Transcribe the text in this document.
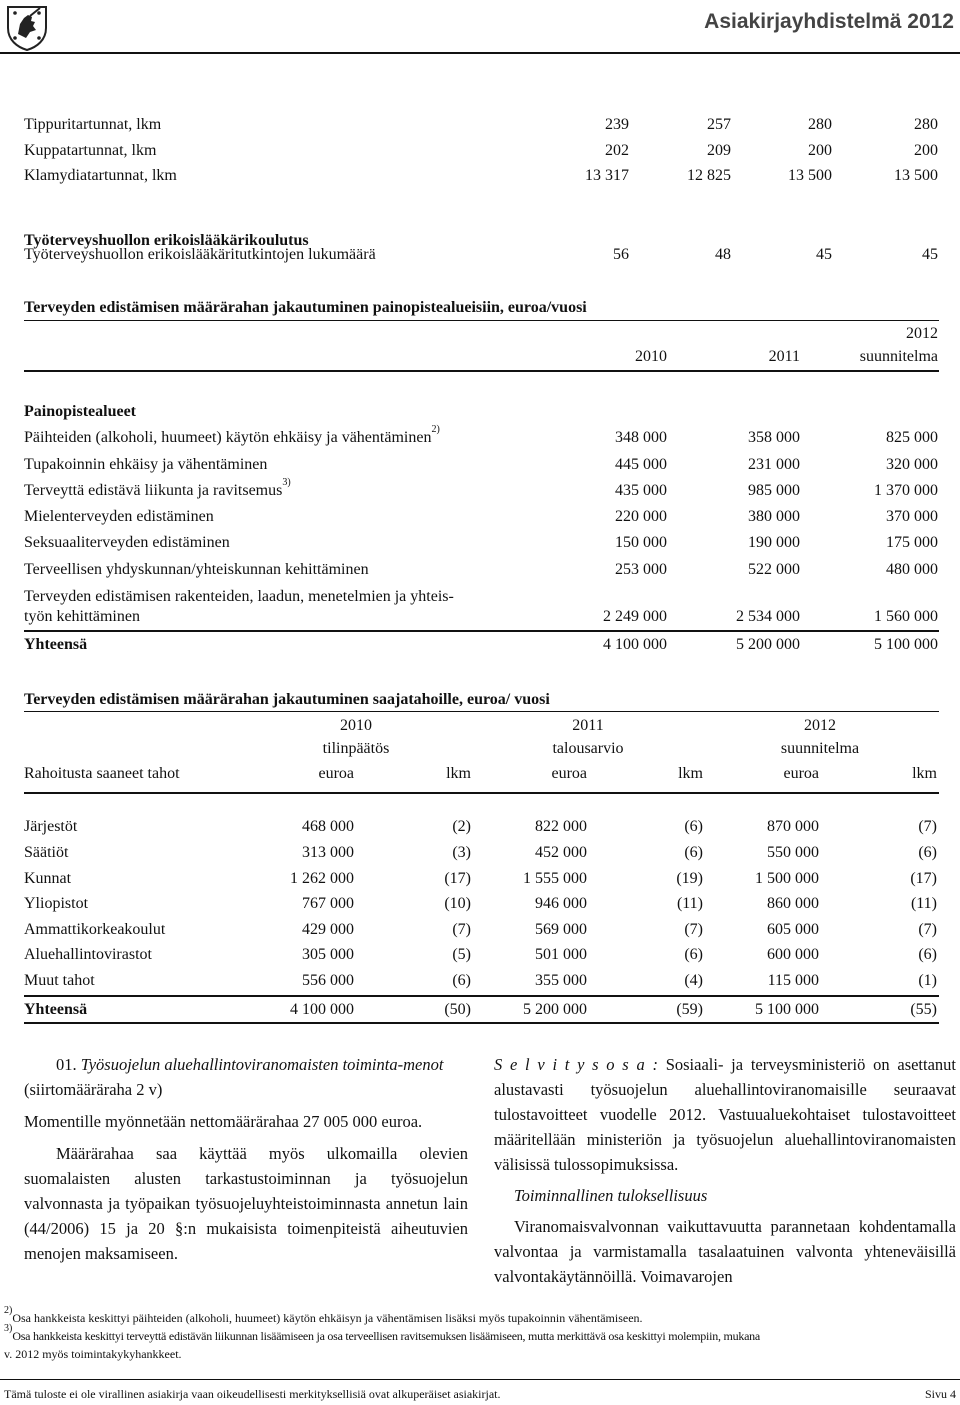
Asiakirjayhdistelmä 2012
Tippuritartunnat, lkm	239	257	280	280
Kuppatartunnat, lkm	202	209	200	200
Klamydiatartunnat, lkm	13 317	12 825	13 500	13 500
Työterveyshuollon erikoislääkärikoulutus
Työterveyshuollon erikoislääkäritutkintojen lukumäärä	56	48	45	45
Terveyden edistämisen määrärahan jakautuminen painopistealueisiin, euroa/vuosi
2010	2011
2012
suunnitelma
Painopistealueet
Päihteiden (alkoholi, huumeet) käytön ehkäisy ja vähentäminen$^{2)}$	348 000	358 000	825 000
Tupakoinnin ehkäisy ja vähentäminen	445 000	231 000	320 000
Terveyttä edistävä liikunta ja ravitsemus$^{3)}$	435 000	985 000	1 370 000
Mielenterveyden edistäminen	220 000	380 000	370 000
Seksuaaliterveyden edistäminen	150 000	190 000	175 000
Terveellisen yhdyskunnan/yhteiskunnan kehittäminen	253 000	522 000	480 000
Terveyden edistämisen rakenteiden, laadun, menetelmien ja yhteis-
työn kehittäminen	2 249 000	2 534 000	1 560 000
Yhteensä	4 100 000	5 200 000	5 100 000
Terveyden edistämisen määrärahan jakautuminen saajatahoille, euroa/ vuosi
2010
tilinpäätös
2011
talousarvio
2012
suunnitelma
Rahoitusta saaneet tahot	euroa	lkm	euroa	lkm	euroa	lkm
Järjestöt	468 000	(2)	822 000	(6)	870 000	(7)
Säätiöt	313 000	(3)	452 000	(6)	550 000	(6)
Kunnat	1 262 000	(17)	1 555 000	(19)	1 500 000	(17)
Yliopistot	767 000	(10)	946 000	(11)	860 000	(11)
Ammattikorkeakoulut	429 000	(7)	569 000	(7)	605 000	(7)
Aluehallintovirastot	305 000	(5)	501 000	(6)	600 000	(6)
Muut tahot	556 000	(6)	355 000	(4)	115 000	(1)
Yhteensä	4 100 000	(50)	5 200 000	(59)	5 100 000	(55)
01. Työsuojelun aluehallintoviranomaisten toiminta-menot (siirtomääräraha 2 v)
Momentille myönnetään nettomäärärahaa 27 005 000 euroa.
Määrärahaa saa käyttää myös ulkomailla olevien suomalaisten alusten tarkastustoiminnan ja työsuojelun valvonnasta ja työpaikan työsuojeluyhteistoiminnasta annetun lain (44/2006) 15 ja 20 §:n mukaisista toimenpiteistä aiheutuvien menojen maksamiseen.
S e l v i t y s o s a : Sosiaali- ja terveysministeriö on asettanut alustavasti työsuojelun aluehallintoviranomaisille seuraavat tulostavoitteet vuodelle 2012. Vastuualuekohtaiset tulostavoitteet määritellään ministeriön ja työsuojelun aluehallintoviranomaisten välisissä tulossopimuksissa.
Toiminnallinen tuloksellisuus
Viranomaisvalvonnan vaikuttavuutta parannetaan kohdentamalla valvontaa ja varmistamalla tasalaatuinen valvonta yhteneväisillä valvontakäytännöillä. Voimavarojen
$^{2)}$Osa hankkeista keskittyi päihteiden (alkoholi, huumeet) käytön ehkäisyn ja vähentämisen lisäksi myös tupakoinnin vähentämiseen.
$^{3)}$Osa hankkeista keskittyi terveyttä edistävän liikunnan lisäämiseen ja osa terveellisen ravitsemuksen lisäämiseen, mutta merkittävä osa keskittyi molempiin, mukana
v. 2012 myös toimintakykyhankkeet.
Tämä tuloste ei ole virallinen asiakirja vaan oikeudellisesti merkityksellisiä ovat alkuperäiset asiakirjat.	Sivu 4
